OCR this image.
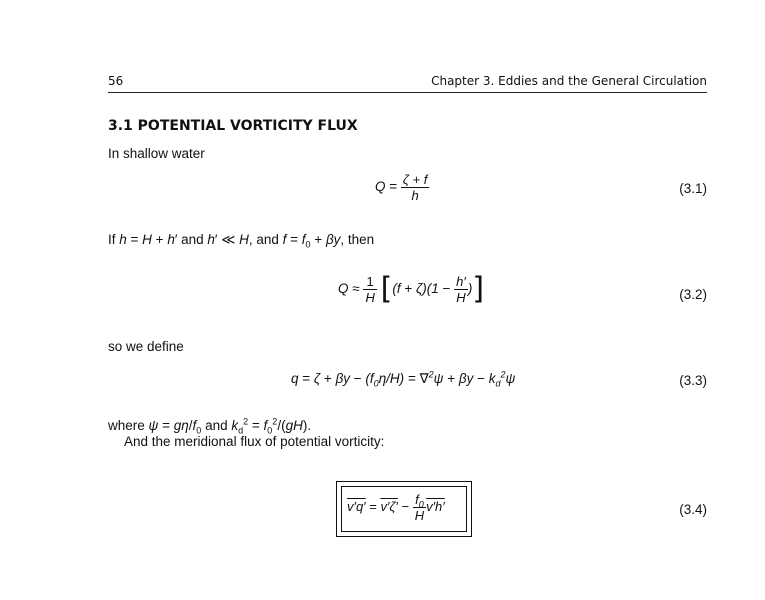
56	Chapter 3. Eddies and the General Circulation
3.1 POTENTIAL VORTICITY FLUX
In shallow water
$Q = \frac{\zeta + f}{h}$	(3.1)
If h = H + h′ and h′ ≪ H, and $f = f_0 + \beta y$, then
$Q \approx \frac{1}{H} [(f + \zeta)(1 - \frac{h'}{H}$ )]	(3.2)
so we define
$q = \zeta + \beta y - (f_0\eta/H) = \nabla^2\psi + \beta y - k_d^2\psi$	(3.3)
where $\psi = g\eta/f_0$ and $k_d^2 = f_0^2/(gH)$.
And the meridional flux of potential vorticity:
$v'q' = v'\zeta' - \frac{f_0}{H} v'h'$	(3.4)
